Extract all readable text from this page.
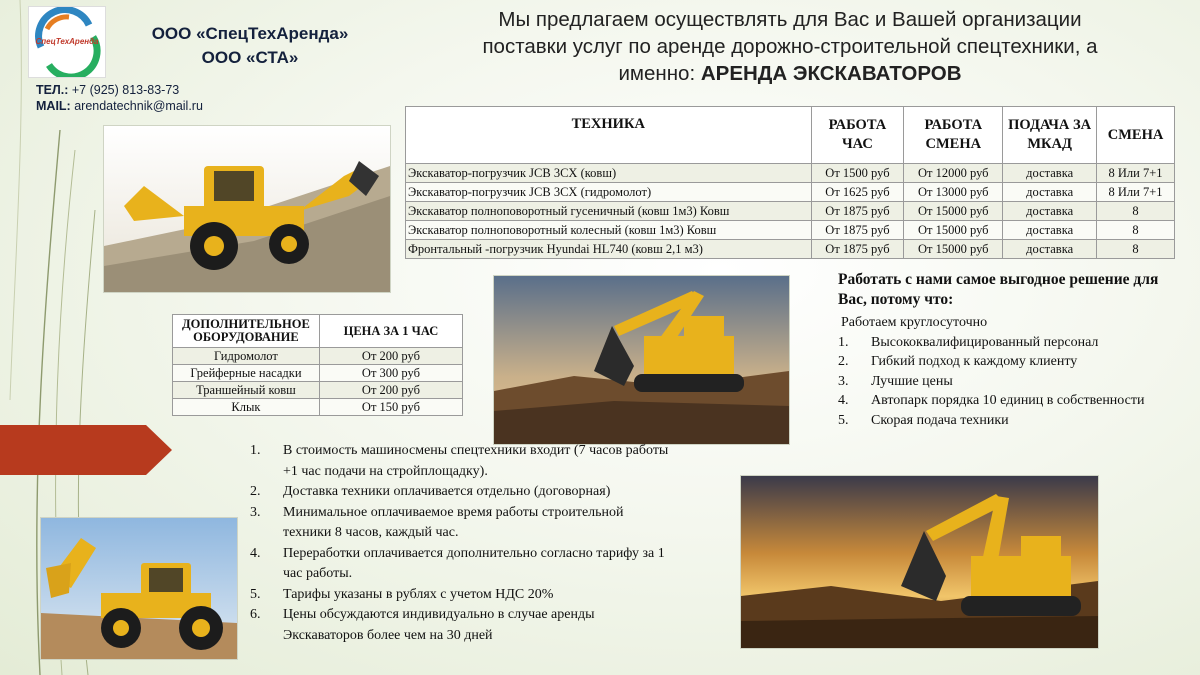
СпецТехАренда	ООО «СпецТехАренда»
ООО «СТА»
ТЕЛ.: +7 (925) 813-83-73
MAIL: arendatechnik@mail.ru
Мы предлагаем осуществлять для Вас и Вашей организации
поставки услуг по аренде дорожно-строительной спецтехники, а
именно: АРЕНДА ЭКСКАВАТОРОВ
ТЕХНИКА	РАБОТА ЧАС	РАБОТА СМЕНА	ПОДАЧА ЗА МКАД	СМЕНА
Экскаватор-погрузчик JCB 3CX (ковш)	От 1500 руб	От 12000 руб	доставка	8 Или 7+1
Экскаватор-погрузчик JCB 3CX (гидромолот)	От 1625 руб	От 13000 руб	доставка	8 Или 7+1
Экскаватор полноповоротный гусеничный (ковш 1м3) Ковш	От 1875 руб	От 15000 руб	доставка	8
Экскаватор полноповоротный колесный (ковш 1м3) Ковш	От 1875 руб	От 15000 руб	доставка	8
Фронтальный -погрузчик Hyundai HL740 (ковш 2,1 м3)	От 1875 руб	От 15000 руб	доставка	8
ДОПОЛНИТЕЛЬНОЕ ОБОРУДОВАНИЕ	ЦЕНА ЗА 1 ЧАС
Гидромолот	От 200 руб
Грейферные насадки	От 300 руб
Траншейный ковш	От 200 руб
Клык	От 150 руб
Работать с нами самое выгодное решение для Вас, потому что:
Работаем круглосуточно
1. Высококвалифицированный персонал
2. Гибкий подход к каждому клиенту
3. Лучшие цены
4. Автопарк порядка 10 единиц в собственности
5. Скорая подача техники
1. В стоимость машиносмены спецтехники входит (7 часов работы +1 час подачи на стройплощадку).
2. Доставка техники оплачивается отдельно (договорная)
3. Минимальное оплачиваемое время работы строительной техники 8 часов, каждый час.
4. Переработки оплачивается дополнительно согласно тарифу за 1 час работы.
5. Тарифы указаны в рублях с учетом НДС 20%
6. Цены обсуждаются индивидуально в случае аренды Экскаваторов более чем на 30 дней
